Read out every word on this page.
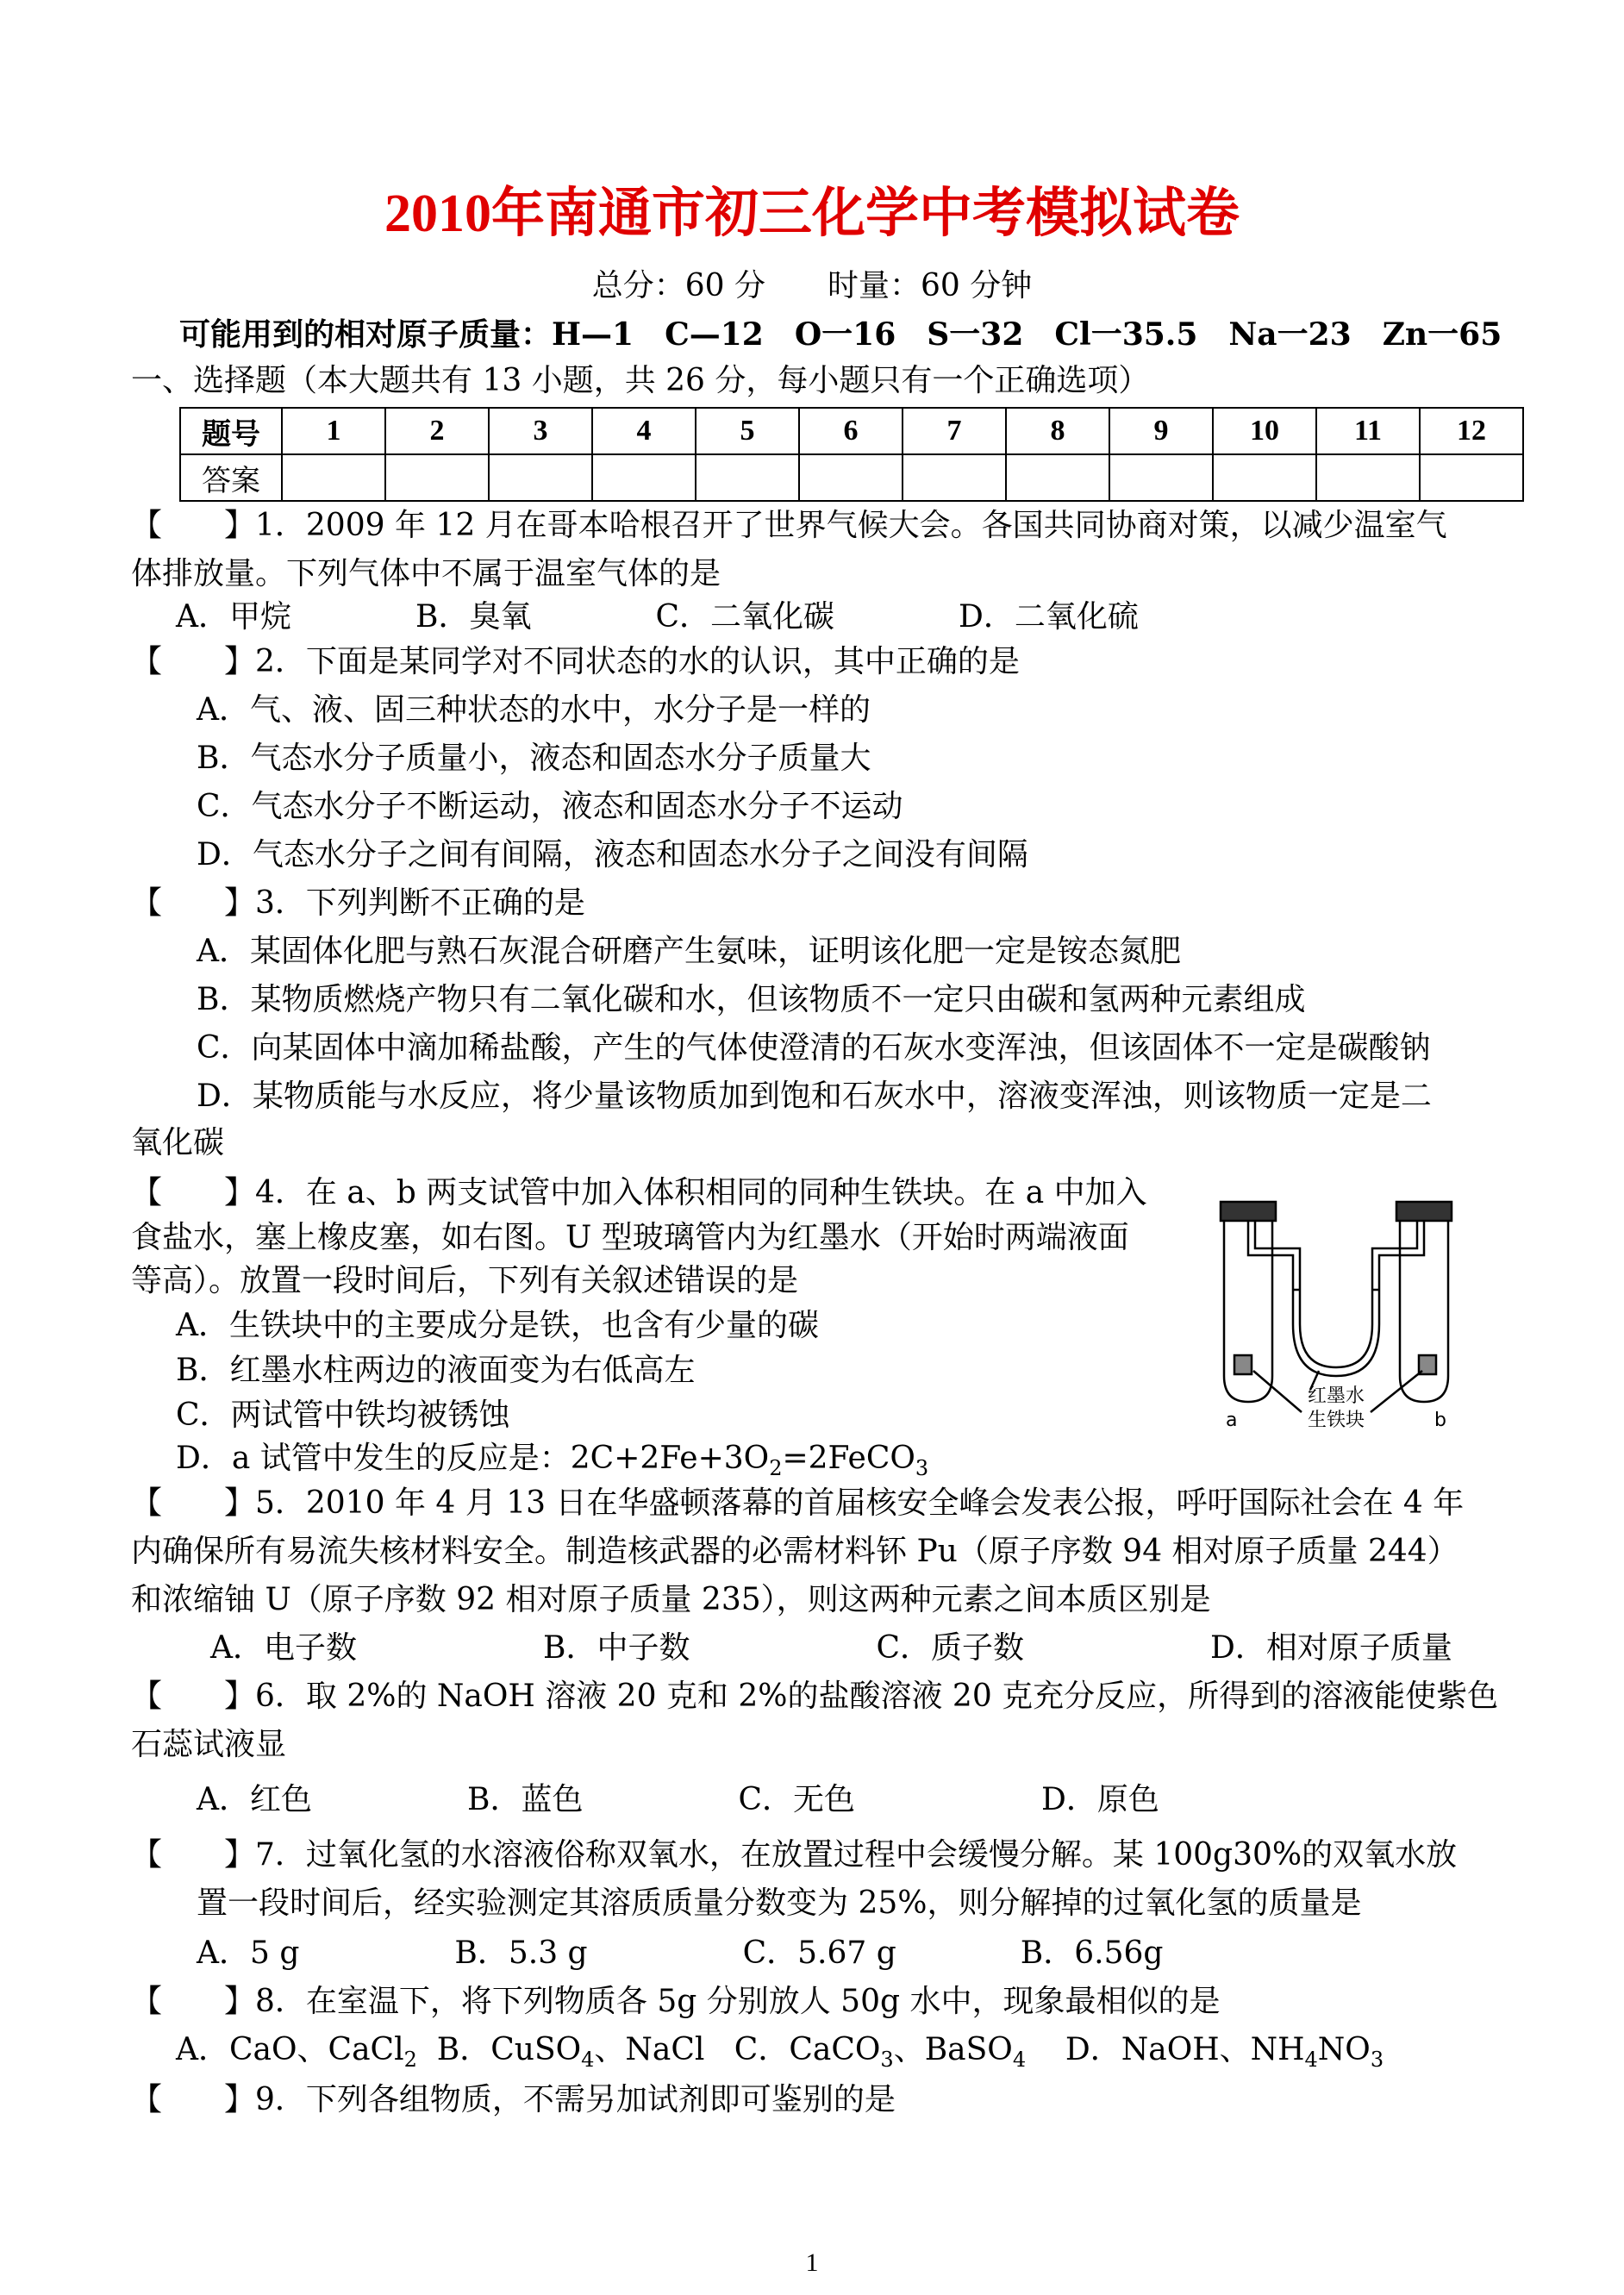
2010年南通市初三化学中考模拟试卷
总分：60 分　　时量：60 分钟
可能用到的相对原子质量：H—1　C—12　O一16　S一32　Cl一35.5　Na一23　Zn一65
一、选择题（本大题共有 13 小题，共 26 分，每小题只有一个正确选项）
题号	1	2	3	4	5	6	7	8	9	10	11	12
答案												
【　　】1．2009 年 12 月在哥本哈根召开了世界气候大会。各国共同协商对策，以减少温室气
体排放量。下列气体中不属于温室气体的是
A．甲烷　　　　B．臭氧　　　　C．二氧化碳　　　　D．二氧化硫
【　　】2．下面是某同学对不同状态的水的认识，其中正确的是
A．气、液、固三种状态的水中，水分子是一样的
B．气态水分子质量小，液态和固态水分子质量大
C．气态水分子不断运动，液态和固态水分子不运动
D．气态水分子之间有间隔，液态和固态水分子之间没有间隔
【　　】3．下列判断不正确的是
A．某固体化肥与熟石灰混合研磨产生氨味，证明该化肥一定是铵态氮肥
B．某物质燃烧产物只有二氧化碳和水，但该物质不一定只由碳和氢两种元素组成
C．向某固体中滴加稀盐酸，产生的气体使澄清的石灰水变浑浊，但该固体不一定是碳酸钠
D．某物质能与水反应，将少量该物质加到饱和石灰水中，溶液变浑浊，则该物质一定是二
氧化碳
【　　】4．在 a、b 两支试管中加入体积相同的同种生铁块。在 a 中加入
食盐水，塞上橡皮塞，如右图。U 型玻璃管内为红墨水（开始时两端液面
等高）。放置一段时间后，下列有关叙述错误的是
A．生铁块中的主要成分是铁，也含有少量的碳
B．红墨水柱两边的液面变为右低高左
C．两试管中铁均被锈蚀
D．a 试管中发生的反应是：$2C+2Fe+3O_2=2FeCO_3$
红墨水
生铁块
a	b
【　　】5．2010 年 4 月 13 日在华盛顿落幕的首届核安全峰会发表公报，呼吁国际社会在 4 年
内确保所有易流失核材料安全。制造核武器的必需材料钚 Pu（原子序数 94 相对原子质量 244）
和浓缩铀 U（原子序数 92 相对原子质量 235），则这两种元素之间本质区别是
A．电子数　　　　　　B．中子数　　　　　　C．质子数　　　　　　D．相对原子质量
【　　】6．取 2%的 NaOH 溶液 20 克和 2%的盐酸溶液 20 克充分反应，所得到的溶液能使紫色
石蕊试液显
A．红色　　　　　B．蓝色　　　　　C．无色　　　　　　D．原色
【　　】7．过氧化氢的水溶液俗称双氧水，在放置过程中会缓慢分解。某 100g30%的双氧水放
置一段时间后，经实验测定其溶质质量分数变为 25%，则分解掉的过氧化氢的质量是
A．5 g　　　　　B．5.3 g　　　　　C．5.67 g　　　　B．6.56g
【　　】8．在室温下，将下列物质各 5g 分别放人 50g 水中，现象最相似的是
A．CaO、CaCl$_2$ B．CuSO$_4$、NaCl C．CaCO$_3$、BaSO$_4$ D．NaOH、$NH_4NO_3$
【　　】9．下列各组物质，不需另加试剂即可鉴别的是
1
